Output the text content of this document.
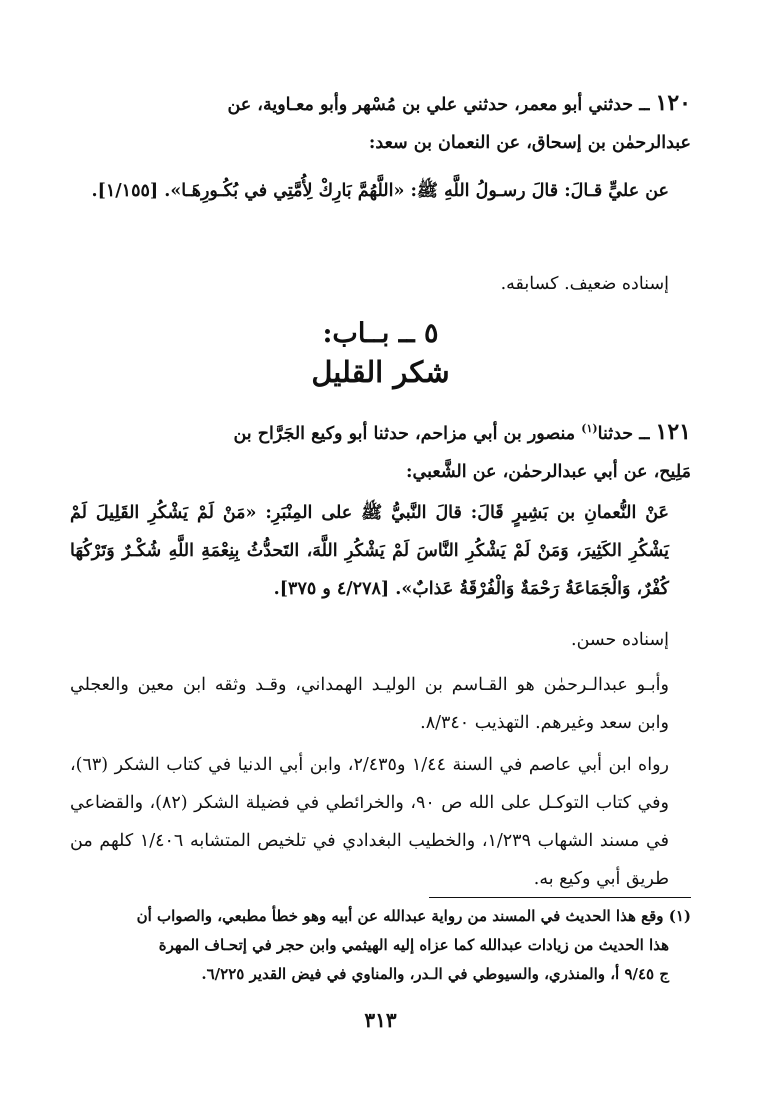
١٢٠ ــ حدثني أبو معمر، حدثني علي بن مُسْهر وأبو معـاوية، عن
عبدالرحمٰن بن إسحاق، عن النعمان بن سعد:
عن عليٍّ قـالَ: قالَ رسـولُ اللَّهِ ﷺ: «اللَّهُمَّ بَارِكْ لِأُمَّتِي في بُكُـورِهَـا». [١/١٥٥].
إسناده ضعيف. كسابقه.
٥ ــ بــاب:
شكر القليل
١٢١ ــ حدثنا$^{(١)}$ منصور بن أبي مزاحم، حدثنا أبو وكيع الجَرَّاح بن
مَلِيح، عن أبي عبدالرحمٰن، عن الشَّعبي:
عَنْ النُّعمانِ بن بَشِيرٍ قَالَ: قالَ النَّبيُّ ﷺ على المِنْبَرِ: «مَنْ لَمْ يَشْكُرِ القَلِيلَ لَمْ يَشْكُرِ الكَثِيرَ، وَمَنْ لَمْ يَشْكُرِ النَّاسَ لَمْ يَشْكُرِ اللَّهَ، التَحدُّثُ بِنِعْمَةِ اللَّهِ شُكْـرٌ وَتَرْكُهَا كُفْرٌ، وَالْجَمَاعَةُ رَحْمَةٌ وَالْفُرْقَةُ عَذابٌ». [٤/٢٧٨ و ٣٧٥].
إسناده حسن.
وأبـو عبدالـرحمٰن هو القـاسم بن الوليـد الهمداني، وقـد وثقه ابن معين والعجلي وابن سعد وغيرهم. التهذيب ٨/٣٤٠.
رواه ابن أبي عاصم في السنة ١/٤٤ و٢/٤٣٥، وابن أبي الدنيا في كتاب الشكر (٦٣)، وفي كتاب التوكـل على الله ص ٩٠، والخرائطي في فضيلة الشكر (٨٢)، والقضاعي في مسند الشهاب ١/٢٣٩، والخطيب البغدادي في تلخيص المتشابه ١/٤٠٦ كلهم من طريق أبي وكيع به.
(١) وقع هذا الحديث في المسند من رواية عبدالله عن أبيه وهو خطأ مطبعي، والصواب أن
هذا الحديث من زيادات عبدالله كما عزاه إليه الهيثمي وابن حجر في إتحـاف المهرة
ج ٩/٤٥ أ، والمنذري، والسيوطي في الـدر، والمناوي في فيض القدير ٦/٢٢٥.
٣١٣
